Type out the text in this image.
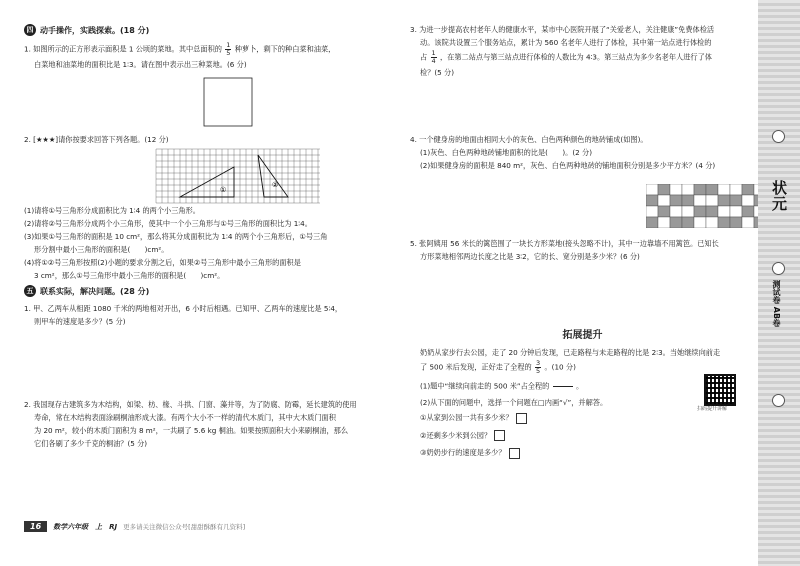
四 动手操作，实践探索。(18 分)

1. 如图所示的正方形表示面积是 1 公顷的菜地。其中总面积的 $\frac{1}{5}$ 种萝卜，剩下的种白菜和油菜，

白菜地和油菜地的面积比是 1∶3。请在图中表示出三种菜地。(6 分)

2. [★★★]请你按要求回答下列各题。(12 分)

①
②

(1)请将①号三角形分成面积比为 1∶4 的两个小三角形。

(2)请将②号三角形分成两个小三角形，使其中一个小三角形与①号三角形的面积比为 1∶4。

(3)如果①号三角形的面积是 10 cm²，那么将其分成面积比为 1∶4 的两个小三角形后，①号三角

形分割中最小三角形的面积是(　　)cm²。

(4)将①②号三角形按照(2)小题的要求分割之后，如果②号三角形中最小三角形的面积是

3 cm²，那么①号三角形中最小三角形的面积是(　　)cm²。

五 联系实际，解决问题。(28 分)

1. 甲、乙两车从相距 1080 千米的两地相对开出，6 小时后相遇。已知甲、乙两车的速度比是 5∶4，

则甲车的速度是多少？(5 分)

2. 我国现存古建筑多为木结构，如梁、枋、椽、斗拱、门窗、藻井等，为了防腐、防霉，延长建筑的使用

寿命，常在木结构表面涂刷桐油形成大漆。有两个大小不一样的清代木质门，其中大木质门面积

为 20 m²，较小的木质门面积为 8 m²，一共刷了 5.6 kg 桐油。如果按照面积大小来刷桐油，那么

它们各刷了多少千克的桐油？(5 分)

3. 为进一步提高农村老年人的健康水平，某市中心医院开展了“关爱老人，关注健康”免费体检活

动。该院共设置三个服务站点，累计为 560 名老年人进行了体检，其中第一站点进行体检的

占 $\frac{1}{4}$ ，在第二站点与第三站点进行体检的人数比为 4∶3。第三站点为多少名老年人进行了体

检？(5 分)

4. 一个健身房的地面由相同大小的灰色、白色两种颜色的地砖铺成(如图)。

(1)灰色、白色两种地砖铺地面积的比是(　　)。(2 分)

(2)如果健身房的面积是 840 m²，灰色、白色两种地砖的铺地面积分别是多少平方米？(4 分)

5. 张阿姨用 56 米长的篱笆围了一块长方形菜地(接头忽略不计)，其中一边靠墙不用篱笆。已知长

方形菜地相邻两边长度之比是 3∶2，它的长、宽分别是多少米？(6 分)

拓展提升

奶奶从家步行去公园，走了 20 分钟后发现，已走路程与未走路程的比是 2∶3。当她继续向前走

了 500 米后发现，正好走了全程的 $\frac{3}{5}$ 。(10 分)

(1)题中“继续向前走的 500 米”占全程的	。

(2)从下面的问题中，选择一个问题在□内画“√”，并解答。

①从家到公园一共有多少米？

②还剩多少米到公园？

③奶奶步行的速度是多少？

扫码提升讲解
状元
测试卷 AB卷
16	数学六年级　上　RJ 更多请关注微信公众号[甜甜酥酥有几资料]
